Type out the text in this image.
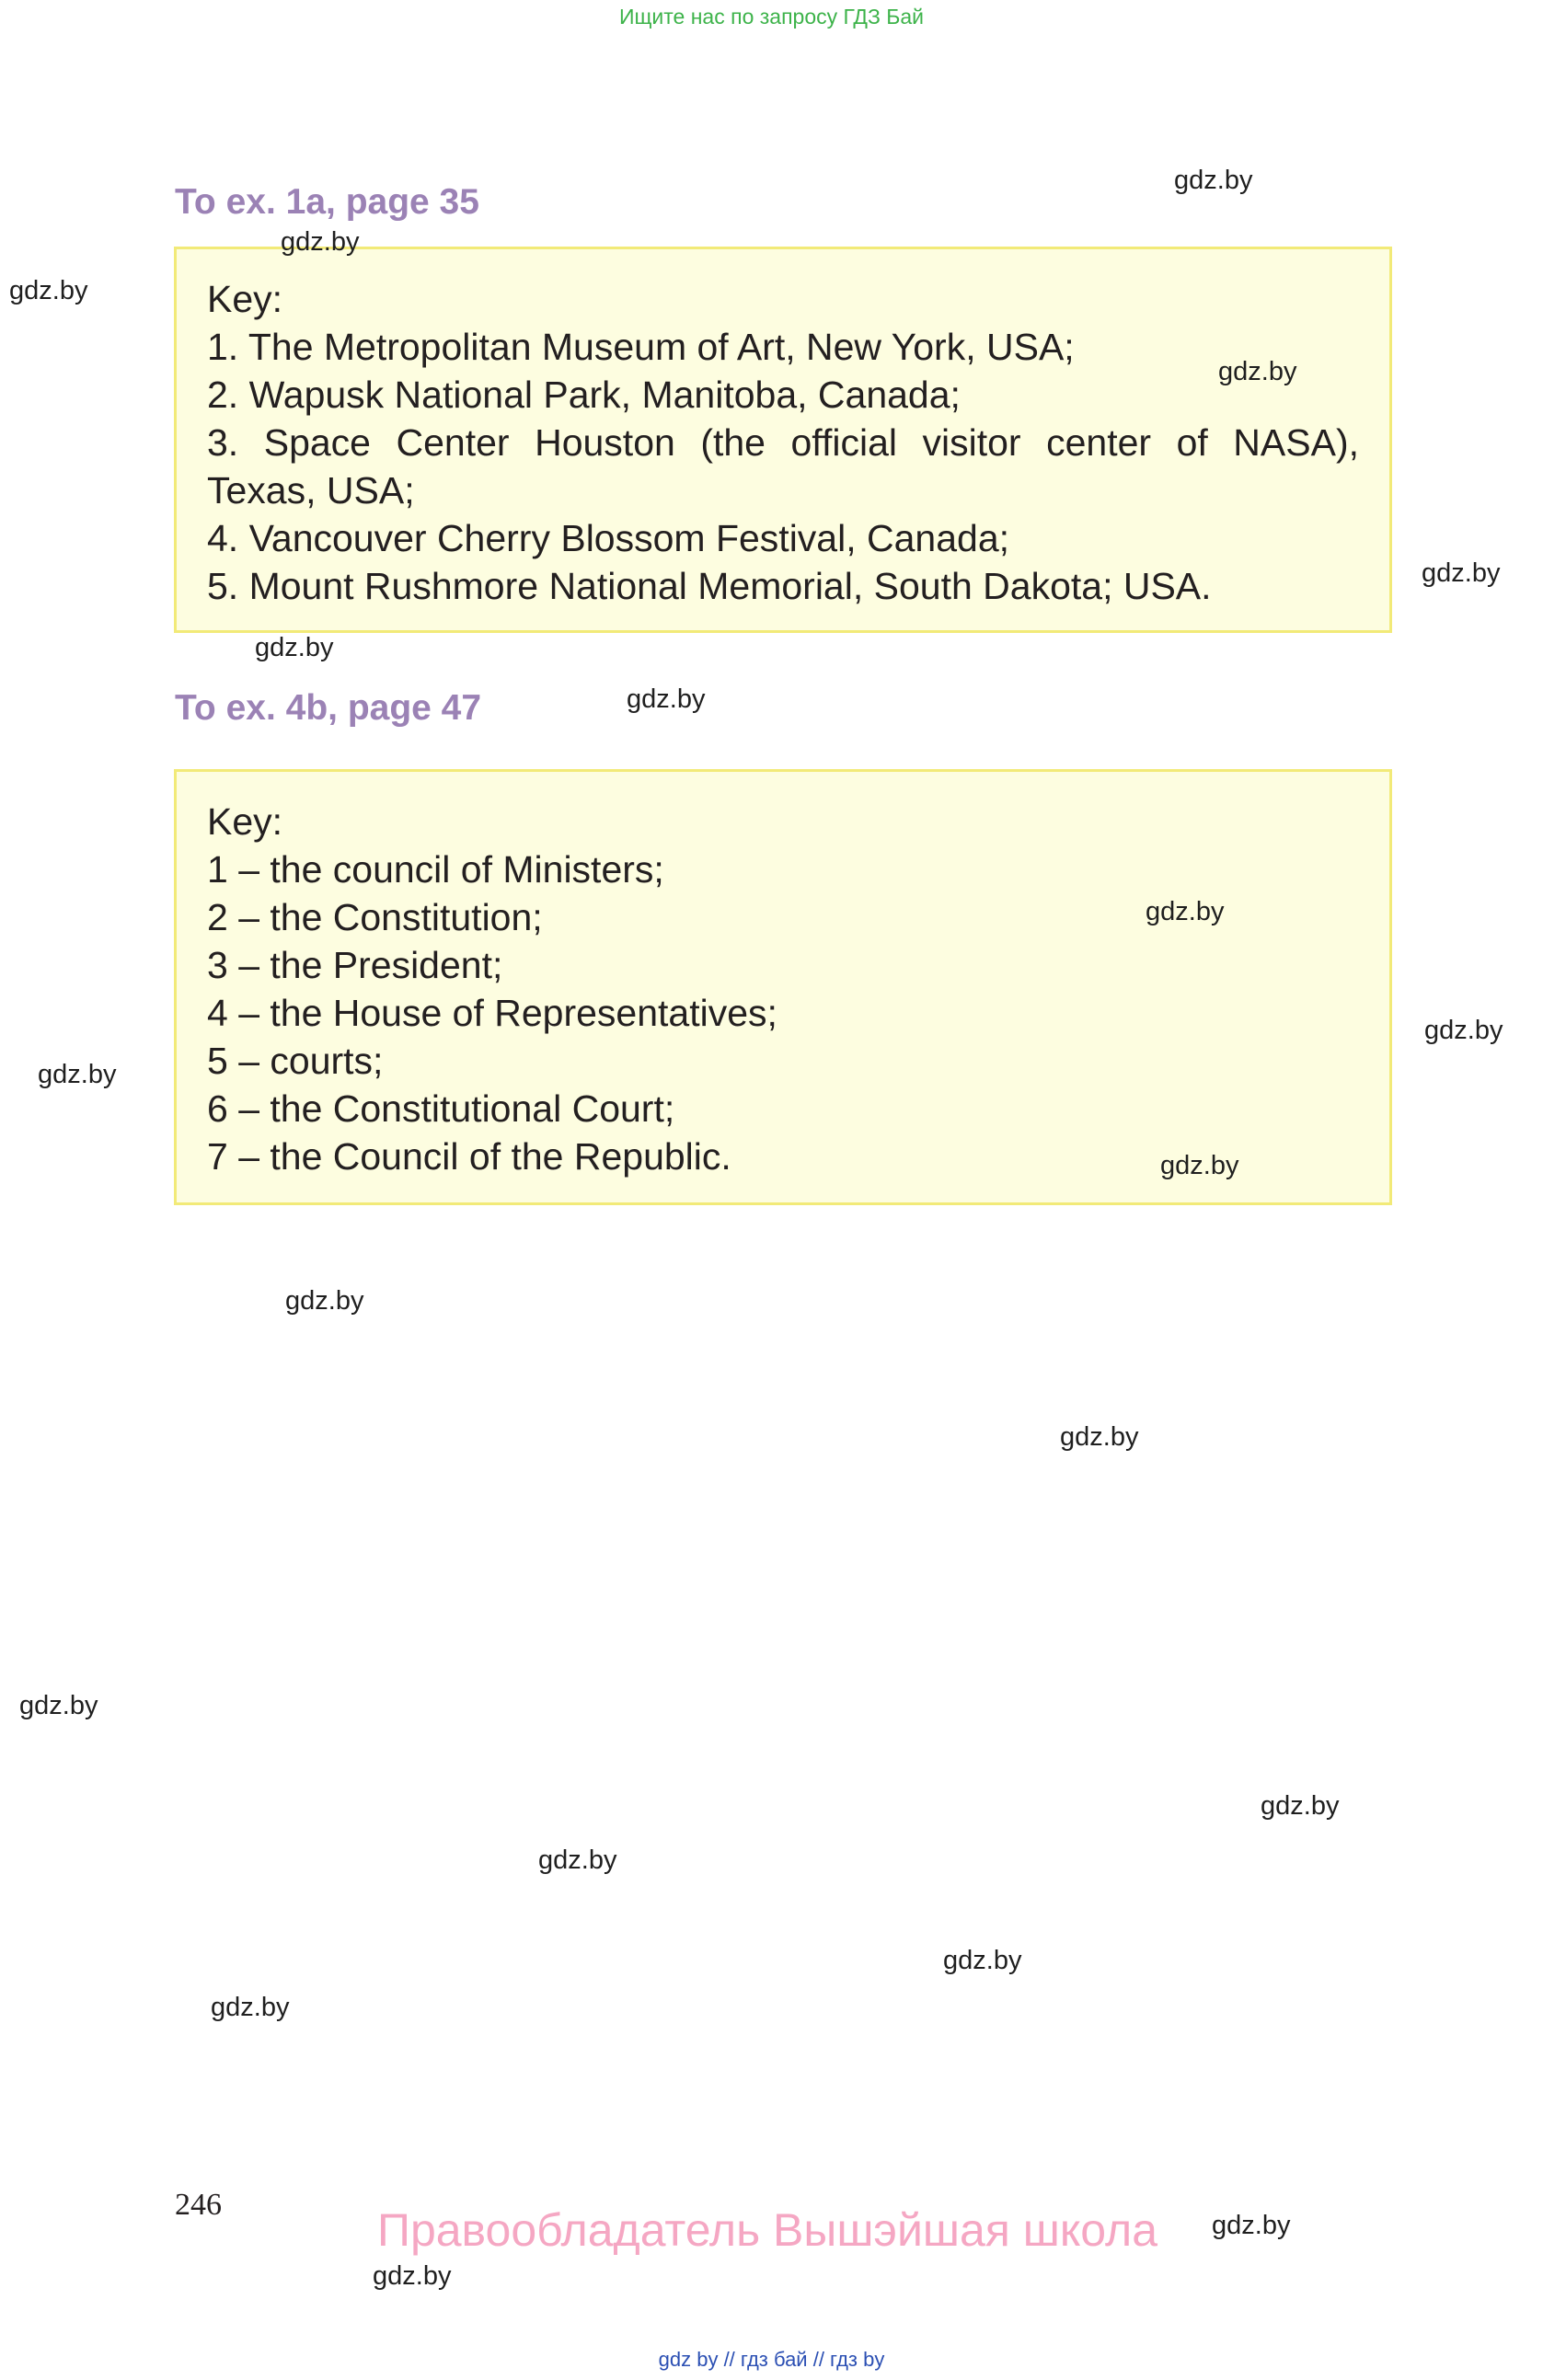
Ищите нас по запросу ГДЗ Бай
To ex. 1a, page 35
Key:
1. The Metropolitan Museum of Art, New York, USA;
2. Wapusk National Park, Manitoba, Canada;
3. Space Center Houston (the official visitor center of NASA),
Texas, USA;
4. Vancouver Cherry Blossom Festival, Canada;
5. Mount Rushmore National Memorial, South Dakota; USA.
To ex. 4b, page 47
Key:
1 – the council of Ministers;
2 – the Constitution;
3 – the President;
4 – the House of Representatives;
5 – courts;
6 – the Constitutional Court;
7 – the Council of the Republic.
gdz.by
gdz.by
gdz.by
gdz.by
gdz.by
gdz.by
gdz.by
gdz.by
gdz.by
gdz.by
gdz.by
gdz.by
gdz.by
gdz.by
gdz.by
gdz.by
gdz.by
gdz.by
gdz.by
gdz.by
246	Правообладатель Вышэйшая школа
gdz by // гдз бай // гдз by
